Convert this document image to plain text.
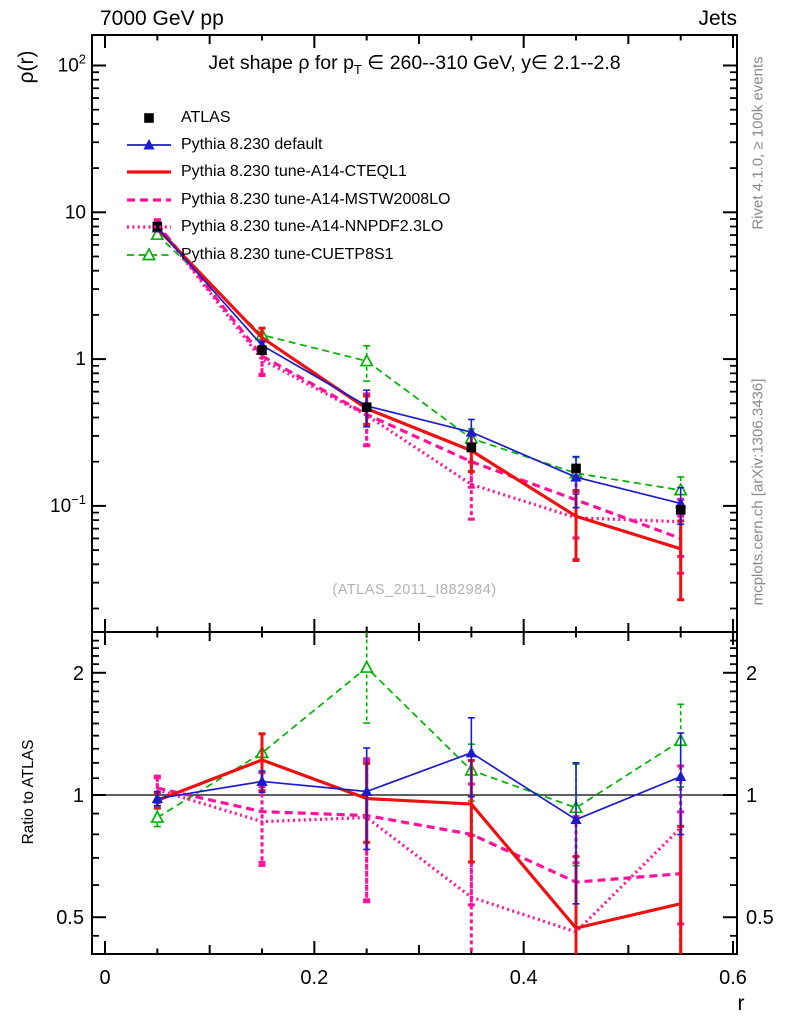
$10^2$
10
1
$10^{-1}$
2	2
1	1
0.5	0.5
0	0.2	0.4	0.6
7000 GeV pp	Jets
Jet shape ρ for $p_T$ ∈ 260--310 GeV, y∈ 2.1--2.8
ρ(r)
Ratio to ATLAS
r
(ATLAS_2011_I882984)
Rivet 4.1.0, ≥ 100k events
mcplots.cern.ch [arXiv:1306.3436]
ATLAS
Pythia 8.230 default
Pythia 8.230 tune-A14-CTEQL1
Pythia 8.230 tune-A14-MSTW2008LO
Pythia 8.230 tune-A14-NNPDF2.3LO
Pythia 8.230 tune-CUETP8S1
